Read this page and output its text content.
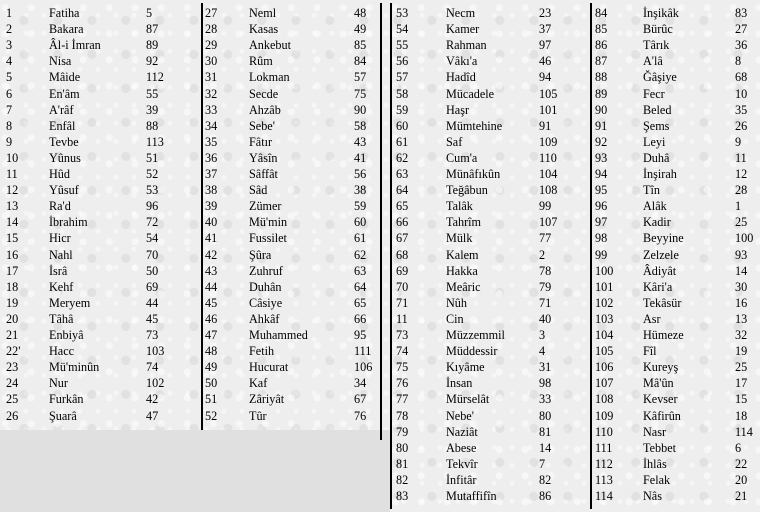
1	Fatiha	5
2	Bakara	87
3	Âl-i İmran	89
4	Nisa	92
5	Mâide	112
6	En'âm	55
7	A'râf	39
8	Enfâl	88
9	Tevbe	113
10	Yûnus	51
11	Hûd	52
12	Yûsuf	53
13	Ra'd	96
14	İbrahim	72
15	Hicr	54
16	Nahl	70
17	İsrâ	50
18	Kehf	69
19	Meryem	44
20	Tâhâ	45
21	Enbiyâ	73
22' Hacc	103
23	Mü'minûn	74
24	Nur	102
25	Furkân	42
26	Şuarâ	47
27	Neml	48
28	Kasas	49
29	Ankebut	85
30	Rûm	84
31	Lokman	57
32	Secde	75
33	Ahzâb	90
34	Sebe'	58
35	Fâtır	43
36	Yâsîn	41
37	Sâffât	56
38	Sâd	38
39	Zümer	59
40	Mü'min	60
41	Fussilet	61
42	Şûra	62
43	Zuhruf	63
44	Duhân	64
45	Câsiye	65
46	Ahkâf	66
47	Muhammed	95
48	Fetih	111
49	Hucurat	106
50	Kaf	34
51	Zâriyât	67
52	Tûr	76
53	Necm	23
54	Kamer	37
55	Rahman	97
56	Vâkı'a	46
57	Hadîd	94
58	Mücadele	105
59	Haşr	101
60	Mümtehine	91
61	Saf	109
62	Cum'a	110
63	Münâfıkûn	104
64	Teğâbun	108
65	Talâk	99
66	Tahrîm	107
67	Mülk	77
68	Kalem	2
69	Hakka	78
70	Meâric	79
71	Nûh	71
11	Cin	40
73	Müzzemmil	3
74	Müddessir	4
75	Kıyâme	31
76	İnsan	98
77	Mürselât	33
78	Nebe'	80
79	Naziât	81
80	Abese	14
81	Tekvîr	7
82	İnfitâr	82
83	Mutaffifîn	86
84	İnşikâk	83
85	Bürûc	27
86	Târık	36
87	A'lâ	8
88	Ğâşiye	68
89	Fecr	10
90	Beled	35
91	Şems	26
92	Leyi	9
93	Duhâ	11
94	İnşirah	12
95	Tîn	28
96	Alâk	1
97	Kadir	25
98	Beyyine	100
99	Zelzele	93
100 Âdiyât	14
101 Kâri'a	30
102 Tekâsür	16
103 Asr	13
104 Hümeze	32
105 Fîl	19
106 Kureyş	25
107 Mâ'ûn	17
108 Kevser	15
109 Kâfirûn	18
110 Nasr	114
111	Tebbet	6
112 İhlâs	22
113 Felak	20
114 Nâs	21
